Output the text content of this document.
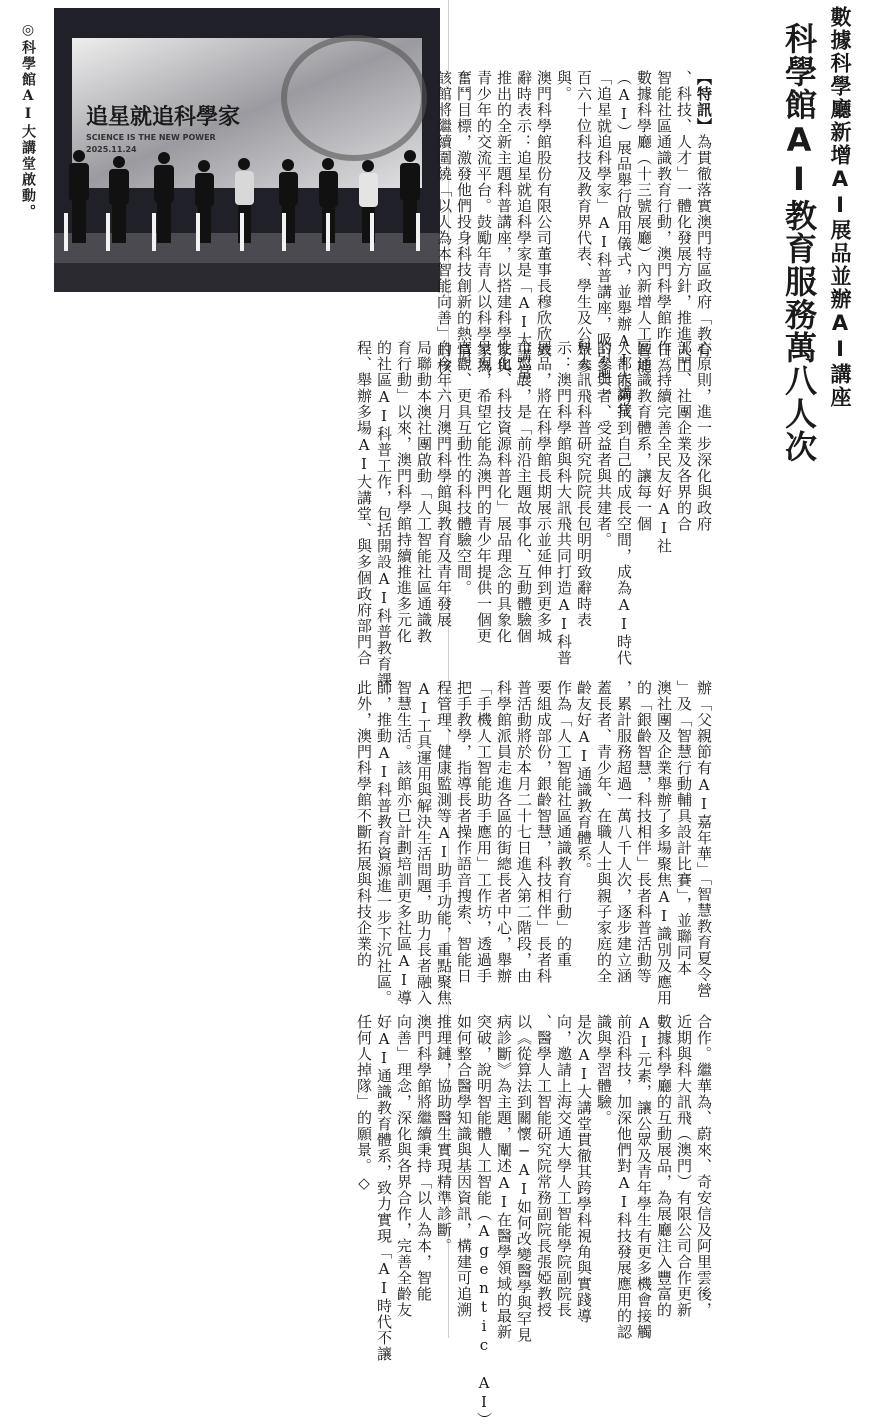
追星就追科學家
SCIENCE IS THE NEW POWER
2025.11.24
◎科學館AI大講堂啟動。	數據科學廳新增AI展品並辦AI講座
科學館AI教育服務萬八人次
【特訊】為貫徹落實澳門特區政府「教育
、科技、人才」一體化發展方針，推進人工
智能社區通識教育行動，澳門科學館昨日為
數據科學廳（十三號展廳）內新增人工智能
（AI）展品舉行啟用儀式，並舉辦AI大講堂
「追星就追科學家」AI科普講座，吸引逾二
百六十位科技及教育界代表、學生及公眾參
與。
澳門科學館股份有限公司董事長穆欣欣致
辭時表示：追星就追科學家是「AI大講堂」
推出的全新主題科普講座，以搭建科學家與
青少年的交流平台。鼓勵年青人以科學家為
奮鬥目標，激發他們投身科技創新的熱情。
該館將繼續圍繞「以人為本智能向善」的核
心原則，進一步深化與政府
部門、社團企業及各界的合
作。持續完善全民友好AI社
區通識教育體系，讓每一個
人都能夠找到自己的成長空間，成為AI時代
的參與者、受益者與共建者。
科大訊飛科普研究院院長包明明致辭時表
示：澳門科學館與科大訊飛共同打造AI科普
展品，將在科學館長期展示並延伸到更多城
市巡展，是「前沿主題故事化、互動體驗個
性化、科技資源科普化」展品理念的具象化
呈現，希望它能為澳門的青少年提供一個更
直觀、更具互動性的科技體驗空間。
自今年六月澳門科學館與教育及青年發展
局聯動本澳社團啟動「人工智能社區通識教
育行動」以來，澳門科學館持續推進多元化
的社區AI科普工作，包括開設AI科普教育課
程、舉辦多場AI大講堂、與多個政府部門合
辦「父親節有AI嘉年華」「智慧教育夏令營
」及「智慧行動輔具設計比賽」，並聯同本
澳社團及企業舉辦了多場聚焦AI識別及應用
的「銀齡智慧，科技相伴」長者科普活動等
，累計服務超過一萬八千人次，逐步建立涵
蓋長者、青少年、在職人士與親子家庭的全
齡友好AI通識教育體系。
作為「人工智能社區通識教育行動」的重
要組成部份，銀齡智慧，科技相伴」長者科
普活動將於本月二十七日進入第二階段，由
科學館派員走進各區的街總長者中心，舉辦
「手機人工智能助手應用」工作坊，透過手
把手教學，指導長者操作語音搜索、智能日
程管理、健康監測等AI助手功能，重點聚焦
AI工具運用與解決生活問題，助力長者融入
智慧生活。該館亦已計劃培訓更多社區AI導
師，推動AI科普教育資源進一步下沉社區。
此外，澳門科學館不斷拓展與科技企業的
合作。繼華為、蔚來、奇安信及阿里雲後，
近期與科大訊飛（澳門）有限公司合作更新
數據科學廳的互動展品，為展廳注入豐富的
AI元素，讓公眾及青年學生有更多機會接觸
前沿科技，加深他們對AI科技發展應用的認
識與學習體驗。
是次AI大講堂貫徹其跨學科視角與實踐導
向，邀請上海交通大學人工智能學院副院長
、醫學人工智能研究院常務副院長張婭教授
以《從算法到關懷─AI如何改變醫學與罕見
病診斷》為主題，闡述AI在醫學領域的最新
突破，說明智能體人工智能（Agentic AI）
如何整合醫學知識與基因資訊，構建可追溯
推理鏈，協助醫生實現精準診斷。
澳門科學館將繼續秉持「以人為本，智能
向善」理念，深化與各界合作，完善全齡友
好AI通識教育體系，致力實現「AI時代不讓
任何人掉隊」的願景。◇
